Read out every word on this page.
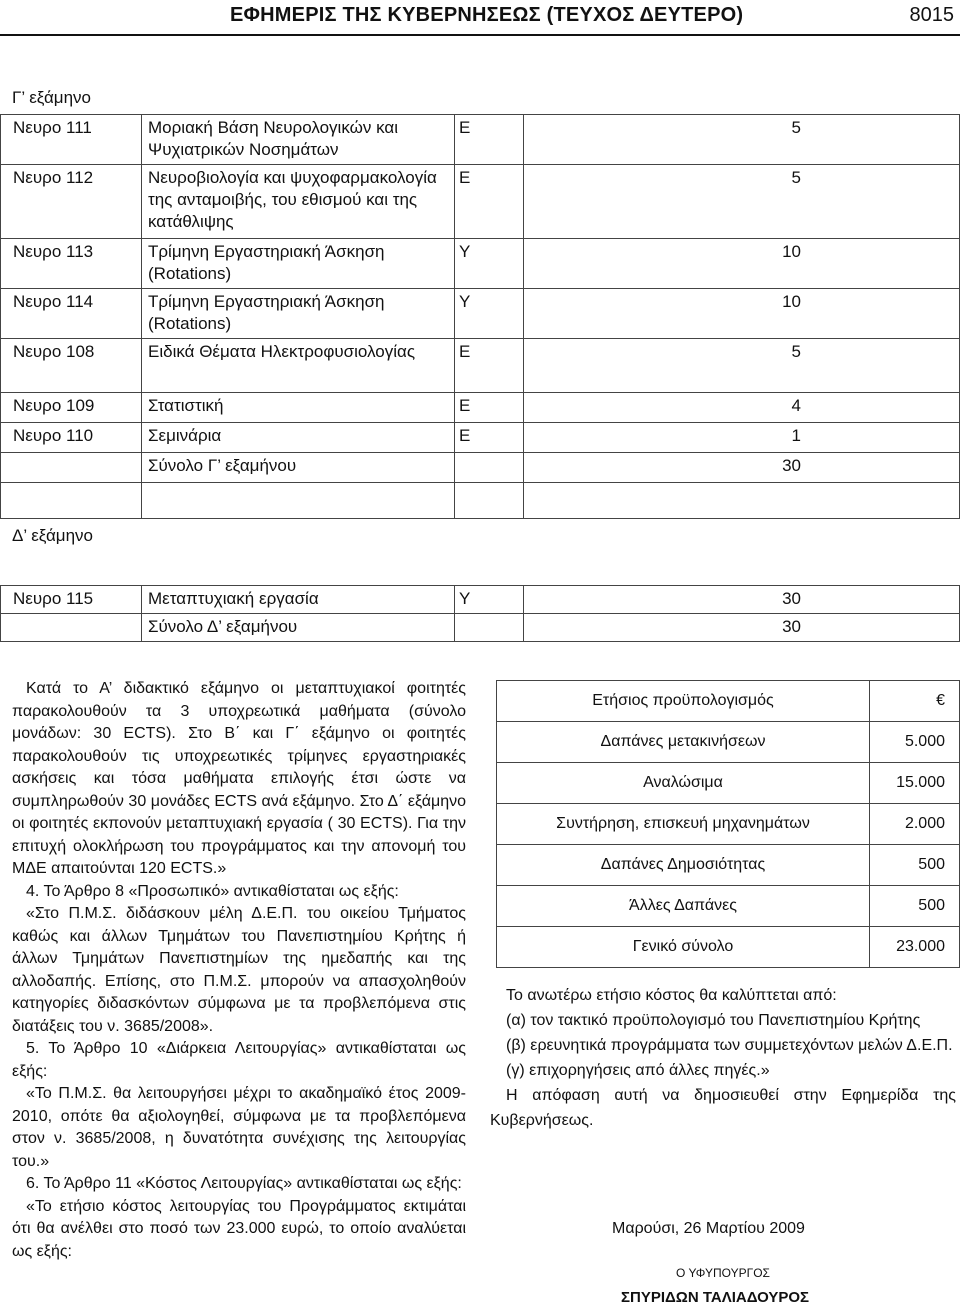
ΕΦΗΜΕΡΙΣ ΤΗΣ ΚΥΒΕΡΝΗΣΕΩΣ (ΤΕΥΧΟΣ ΔΕΥΤΕΡΟ)	8015
Γ’ εξάμηνο
Νευρο 111	Μοριακή Βάση Νευρολογικών και Ψυχιατρικών Νοσημάτων	Ε	5
Νευρο 112	Νευροβιολογία και ψυχοφαρμακολογία της ανταμοιβής, του εθισμού και της κατάθλιψης	Ε	5
Νευρο 113	Τρίμηνη Εργαστηριακή Άσκηση (Rotations)	Υ	10
Νευρο 114	Τρίμηνη Εργαστηριακή Άσκηση (Rotations)	Υ	10
Νευρο 108	Ειδικά Θέματα Ηλεκτροφυσιολογίας	Ε	5
Νευρο 109	Στατιστική	Ε	4
Νευρο 110	Σεμινάρια	Ε	1
	Σύνολο Γ’ εξαμήνου		30

Δ’ εξάμηνο
Νευρο 115	Μεταπτυχιακή εργασία	Υ	30
	Σύνολο Δ’ εξαμήνου		30

Κατά το Α’ διδακτικό εξάμηνο οι μεταπτυχιακοί φοιτητές παρακολουθούν τα 3 υποχρεωτικά μαθήματα (σύνολο μονάδων: 30 ECTS). Στο Β΄ και Γ΄ εξάμηνο οι φοιτητές παρακολουθούν τις υποχρεωτικές τρίμηνες εργαστηριακές ασκήσεις και τόσα μαθήματα επιλογής έτσι ώστε να συμπληρωθούν 30 μονάδες ECTS ανά εξάμηνο. Στο Δ΄ εξάμηνο οι φοιτητές εκπονούν μεταπτυχιακή εργασία ( 30 ECTS). Για την επιτυχή ολοκλήρωση του προγράμματος και την απονομή του ΜΔΕ απαιτούνται 120 ECTS.»

4. Το Άρθρο 8 «Προσωπικό» αντικαθίσταται ως εξής:

«Στο Π.Μ.Σ. διδάσκουν μέλη Δ.Ε.Π. του οικείου Τμήματος καθώς και άλλων Τμημάτων του Πανεπιστημίου Κρήτης ή άλλων Τμημάτων Πανεπιστημίων της ημεδαπής και της αλλοδαπής. Επίσης, στο Π.Μ.Σ. μπορούν να απασχοληθούν κατηγορίες διδασκόντων σύμφωνα με τα προβλεπόμενα στις διατάξεις του ν. 3685/2008».

5. Το Άρθρο 10 «Διάρκεια Λειτουργίας» αντικαθίσταται ως εξής:

«Το Π.Μ.Σ. θα λειτουργήσει μέχρι το ακαδημαϊκό έτος 2009-2010, οπότε θα αξιολογηθεί, σύμφωνα με τα προβλεπόμενα στον ν. 3685/2008, η δυνατότητα συνέχισης της λειτουργίας του.»

6. Το Άρθρο 11 «Κόστος Λειτουργίας» αντικαθίσταται ως εξής:

«Το ετήσιο κόστος λειτουργίας του Προγράμματος εκτιμάται ότι θα ανέλθει στο ποσό των 23.000 ευρώ, το οποίο αναλύεται ως εξής:

Ετήσιος προϋπολογισμός	€
Δαπάνες μετακινήσεων	5.000
Αναλώσιμα	15.000
Συντήρηση, επισκευή μηχανημάτων	2.000
Δαπάνες Δημοσιότητας	500
Άλλες Δαπάνες	500
Γενικό σύνολο	23.000

Το ανωτέρω ετήσιο κόστος θα καλύπτεται από:

(α) τον τακτικό προϋπολογισμό του Πανεπιστημίου Κρήτης

(β) ερευνητικά προγράμματα των συμμετεχόντων μελών Δ.Ε.Π.

(γ) επιχορηγήσεις από άλλες πηγές.»

Η απόφαση αυτή να δημοσιευθεί στην Εφημερίδα της Κυβερνήσεως.

Μαρούσι, 26 Μαρτίου 2009
Ο ΥΦΥΠΟΥΡΓΟΣ
ΣΠΥΡΙΔΩΝ ΤΑΛΙΑΔΟΥΡΟΣ
